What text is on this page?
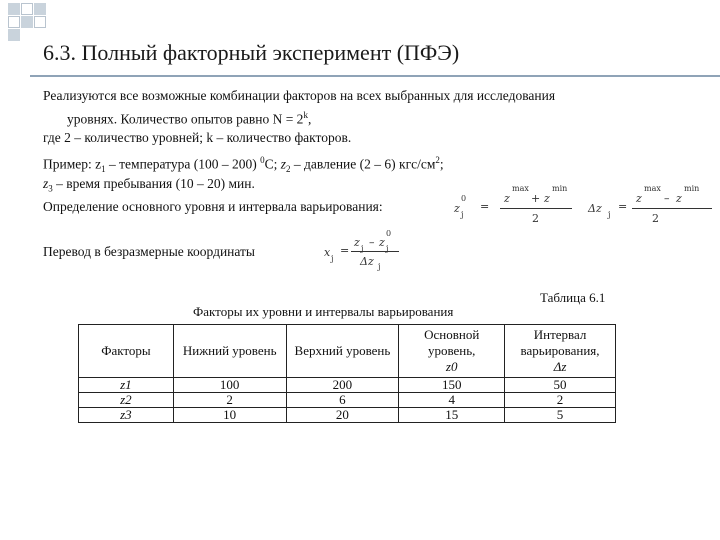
6.3. Полный факторный эксперимент (ПФЭ)
Реализуются все возможные комбинации факторов на всех выбранных для исследования
уровнях. Количество опытов равно $N = 2^k$,
где 2 – количество уровней; k – количество факторов.
Пример: $z_1$ – температура (100 – 200) $^0$C; $z_2$ – давление (2 – 6) кгс/$см^2$;
$z_3$ – время пребывания (10 – 20) мин.
Определение основного уровня и интервала варьирования:
Перевод в безразмерные координаты
z
0
j
=
z
max
+ z
min
2
Δz j
=
z
max
– z
min
2
x j
=
z j – z
0
j
Δz j
Таблица 6.1
Факторы их уровни и интервалы варьирования
Факторы	Нижний уровень	Верхний уровень	Основной уровень,
z0	Интервал варьирования,
Δz
z1	100	200	150	50
z2	2	6	4	2
z3	10	20	15	5
